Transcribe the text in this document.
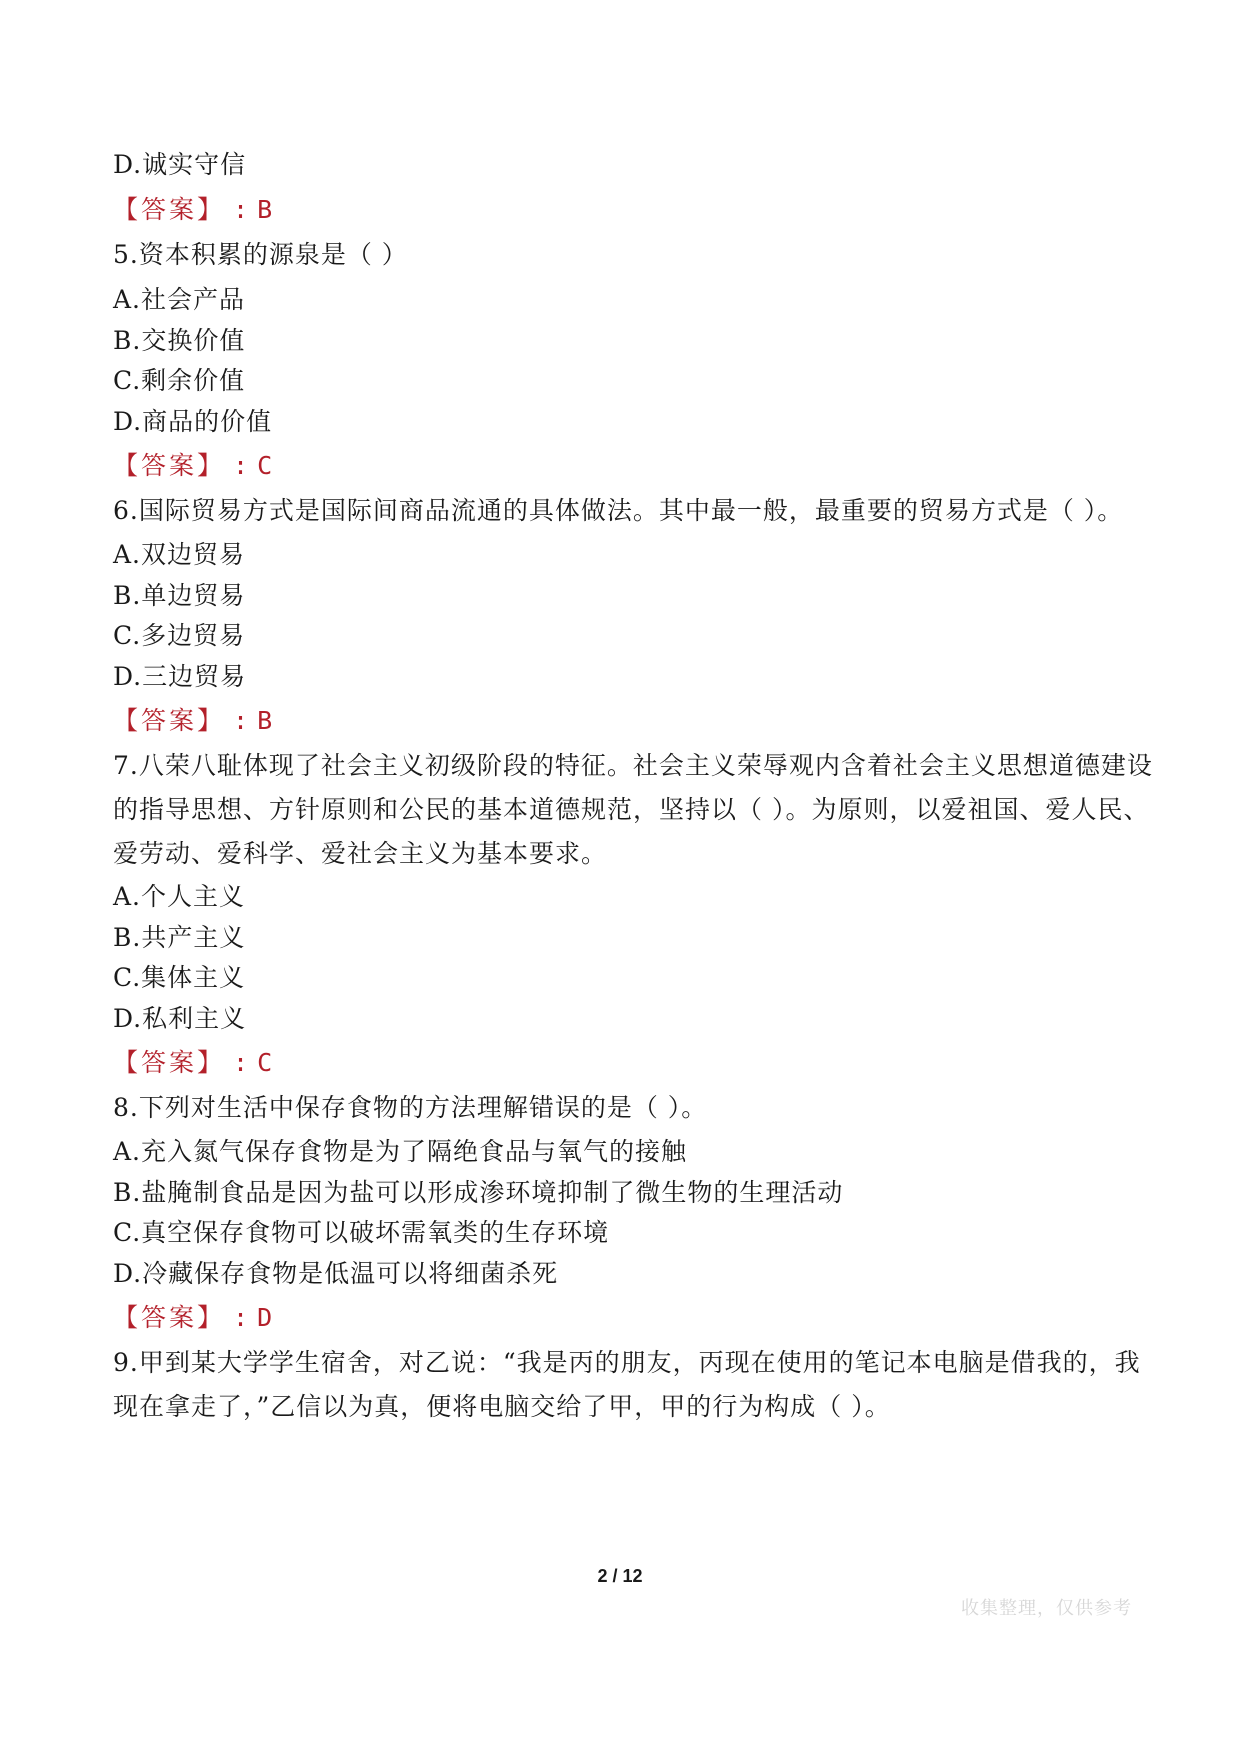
D.诚实守信
【答案】 : B
5.资本积累的源泉是（ ）
A.社会产品
B.交换价值
C.剩余价值
D.商品的价值
【答案】 : C
6.国际贸易方式是国际间商品流通的具体做法。其中最一般，最重要的贸易方式是（ ）。
A.双边贸易
B.单边贸易
C.多边贸易
D.三边贸易
【答案】 : B
7.八荣八耻体现了社会主义初级阶段的特征。社会主义荣辱观内含着社会主义思想道德建设
的指导思想、方针原则和公民的基本道德规范，坚持以（ ）。为原则，以爱祖国、爱人民、
爱劳动、爱科学、爱社会主义为基本要求。
A.个人主义
B.共产主义
C.集体主义
D.私利主义
【答案】 : C
8.下列对生活中保存食物的方法理解错误的是（ ）。
A.充入氮气保存食物是为了隔绝食品与氧气的接触
B.盐腌制食品是因为盐可以形成渗环境抑制了微生物的生理活动
C.真空保存食物可以破坏需氧类的生存环境
D.冷藏保存食物是低温可以将细菌杀死
【答案】 : D
9.甲到某大学学生宿舍，对乙说：“我是丙的朋友，丙现在使用的笔记本电脑是借我的，我
现在拿走了，”乙信以为真，便将电脑交给了甲，甲的行为构成（ ）。
2 / 12
收集整理，仅供参考
